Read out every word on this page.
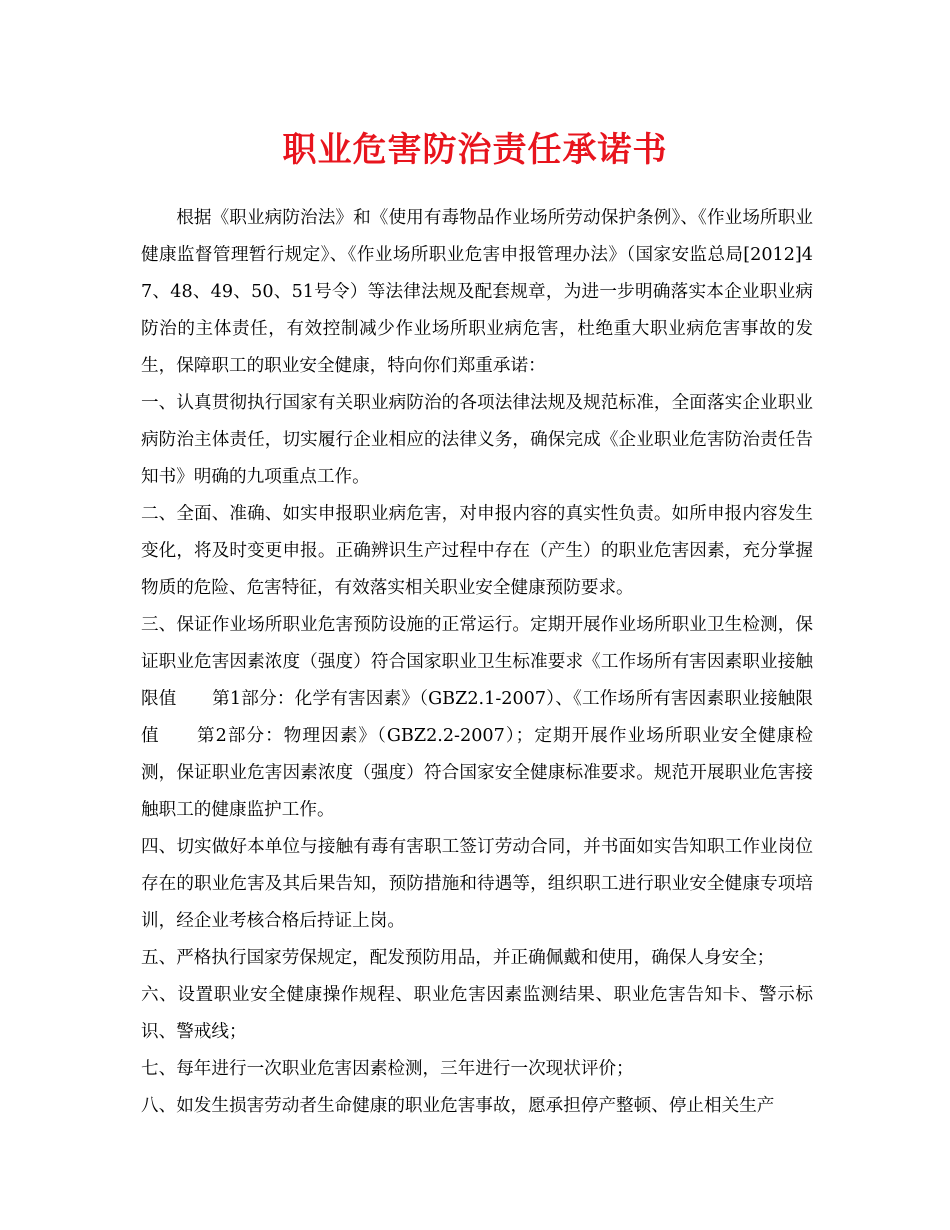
职业危害防治责任承诺书

根据《职业病防治法》和《使用有毒物品作业场所劳动保护条例》、《作业场所职业健康监督管理暂行规定》、《作业场所职业危害申报管理办法》（国家安监总局[2012]47、48、49、50、51号令）等法律法规及配套规章，为进一步明确落实本企业职业病防治的主体责任，有效控制减少作业场所职业病危害，杜绝重大职业病危害事故的发生，保障职工的职业安全健康，特向你们郑重承诺：

一、认真贯彻执行国家有关职业病防治的各项法律法规及规范标准，全面落实企业职业病防治主体责任，切实履行企业相应的法律义务，确保完成《企业职业危害防治责任告知书》明确的九项重点工作。

二、全面、准确、如实申报职业病危害，对申报内容的真实性负责。如所申报内容发生变化，将及时变更申报。正确辨识生产过程中存在（产生）的职业危害因素，充分掌握物质的危险、危害特征，有效落实相关职业安全健康预防要求。

三、保证作业场所职业危害预防设施的正常运行。定期开展作业场所职业卫生检测，保证职业危害因素浓度（强度）符合国家职业卫生标准要求《工作场所有害因素职业接触限值　　第1部分：化学有害因素》（GBZ2.1-2007）、《工作场所有害因素职业接触限值　　第2部分：物理因素》（GBZ2.2-2007）；定期开展作业场所职业安全健康检测，保证职业危害因素浓度（强度）符合国家安全健康标准要求。规范开展职业危害接触职工的健康监护工作。

四、切实做好本单位与接触有毒有害职工签订劳动合同，并书面如实告知职工作业岗位存在的职业危害及其后果告知，预防措施和待遇等，组织职工进行职业安全健康专项培训，经企业考核合格后持证上岗。

五、严格执行国家劳保规定，配发预防用品，并正确佩戴和使用，确保人身安全；

六、设置职业安全健康操作规程、职业危害因素监测结果、职业危害告知卡、警示标识、警戒线；

七、每年进行一次职业危害因素检测，三年进行一次现状评价；

八、如发生损害劳动者生命健康的职业危害事故，愿承担停产整顿、停止相关生产
